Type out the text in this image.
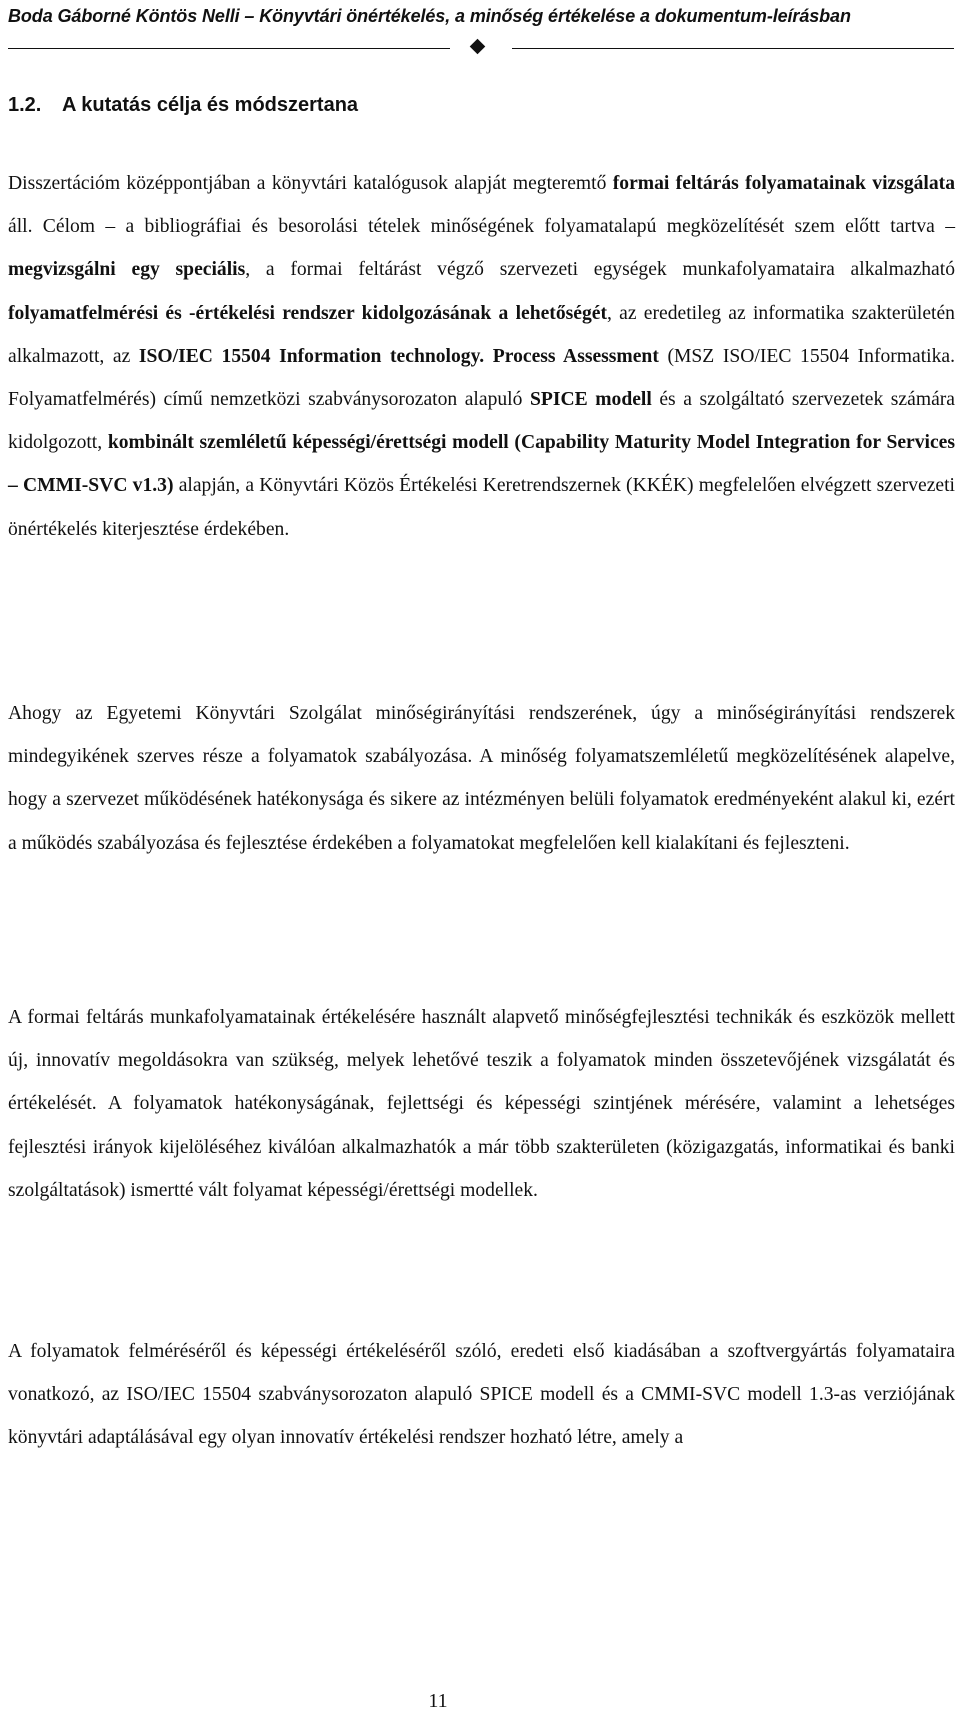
Boda Gáborné Köntös Nelli – Könyvtári önértékelés, a minőség értékelése a dokumentum-leírásban
1.2. A kutatás célja és módszertana

Disszertációm középpontjában a könyvtári katalógusok alapját megteremtő formai feltárás folyamatainak vizsgálata áll. Célom – a bibliográfiai és besorolási tételek minőségének folyamatalapú megközelítését szem előtt tartva – megvizsgálni egy speciális, a formai feltárást végző szervezeti egységek munkafolyamataira alkalmazható folyamatfelmérési és -értékelési rendszer kidolgozásának a lehetőségét, az eredetileg az informatika szakterületén alkalmazott, az ISO/IEC 15504 Information technology. Process Assessment (MSZ ISO/IEC 15504 Informatika. Folyamatfelmérés) című nemzetközi szabványsorozaton alapuló SPICE modell és a szolgáltató szervezetek számára kidolgozott, kombinált szemléletű képességi/érettségi modell (Capability Maturity Model Integration for Services – CMMI-SVC v1.3) alapján, a Könyvtári Közös Értékelési Keretrendszernek (KKÉK) megfelelően elvégzett szervezeti önértékelés kiterjesztése érdekében.

Ahogy az Egyetemi Könyvtári Szolgálat minőségirányítási rendszerének, úgy a minőségirányítási rendszerek mindegyikének szerves része a folyamatok szabályozása. A minőség folyamatszemléletű megközelítésének alapelve, hogy a szervezet működésének hatékonysága és sikere az intézményen belüli folyamatok eredményeként alakul ki, ezért a működés szabályozása és fejlesztése érdekében a folyamatokat megfelelően kell kialakítani és fejleszteni.

A formai feltárás munkafolyamatainak értékelésére használt alapvető minőségfejlesztési technikák és eszközök mellett új, innovatív megoldásokra van szükség, melyek lehetővé teszik a folyamatok minden összetevőjének vizsgálatát és értékelését. A folyamatok hatékonyságának, fejlettségi és képességi szintjének mérésére, valamint a lehetséges fejlesztési irányok kijelöléséhez kiválóan alkalmazhatók a már több szakterületen (közigazgatás, informatikai és banki szolgáltatások) ismertté vált folyamat képességi/érettségi modellek.

A folyamatok felméréséről és képességi értékeléséről szóló, eredeti első kiadásában a szoftvergyártás folyamataira vonatkozó, az ISO/IEC 15504 szabványsorozaton alapuló SPICE modell és a CMMI-SVC modell 1.3-as verziójának könyvtári adaptálásával egy olyan innovatív értékelési rendszer hozható létre, amely a

11
